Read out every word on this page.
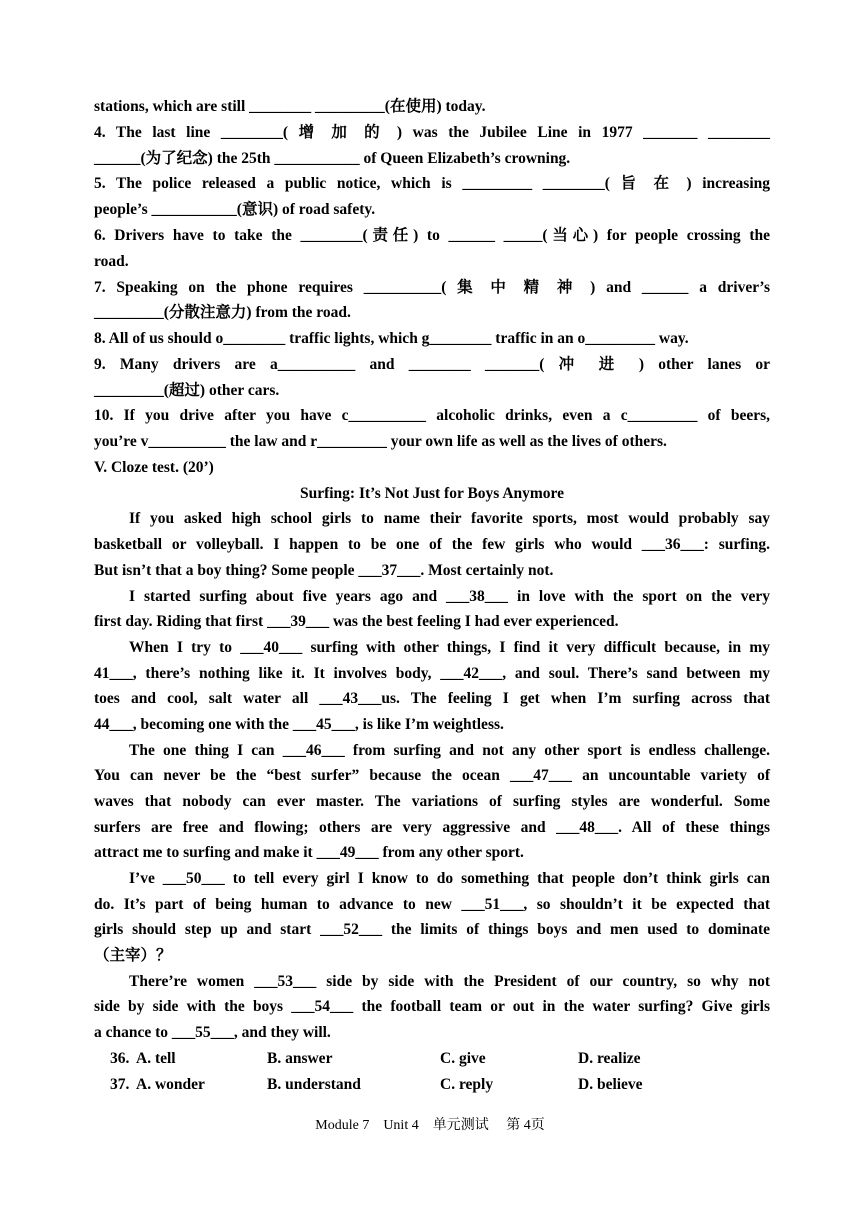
stations, which are still ________ _________(在使用) today.
4. The last line ________( 增 加 的 ) was the Jubilee Line in 1977 _______ ________
______(为了纪念) the 25th ___________ of Queen Elizabeth’s crowning.
5. The police released a public notice, which is _________ ________( 旨 在 ) increasing
people’s ___________(意识) of road safety.
6. Drivers have to take the ________(责任) to ______ _____(当心) for people crossing the
road.
7. Speaking on the phone requires __________( 集 中 精 神 ) and ______ a driver’s
_________(分散注意力) from the road.
8. All of us should o________ traffic lights, which g________ traffic in an o_________ way.
9. Many drivers are a__________ and ________ _______( 冲 进 ) other lanes or
_________(超过) other cars.
10. If you drive after you have c__________ alcoholic drinks, even a c_________ of beers,
you’re v__________ the law and r_________ your own life as well as the lives of others.
V. Cloze test. (20’)
Surfing: It’s Not Just for Boys Anymore
If you asked high school girls to name their favorite sports, most would probably say
basketball or volleyball. I happen to be one of the few girls who would ___36___: surfing.
But isn’t that a boy thing? Some people ___37___. Most certainly not.
I started surfing about five years ago and ___38___ in love with the sport on the very
first day. Riding that first ___39___ was the best feeling I had ever experienced.
When I try to ___40___ surfing with other things, I find it very difficult because, in my
41___, there’s nothing like it. It involves body, ___42___, and soul. There’s sand between my
toes and cool, salt water all ___43___us. The feeling I get when I’m surfing across that
44___, becoming one with the ___45___, is like I’m weightless.
The one thing I can ___46___ from surfing and not any other sport is endless challenge.
You can never be the “best surfer” because the ocean ___47___ an uncountable variety of
waves that nobody can ever master. The variations of surfing styles are wonderful. Some
surfers are free and flowing; others are very aggressive and ___48___. All of these things
attract me to surfing and make it ___49___ from any other sport.
I’ve ___50___ to tell every girl I know to do something that people don’t think girls can
do. It’s part of being human to advance to new ___51___, so shouldn’t it be expected that
girls should step up and start ___52___ the limits of things boys and men used to dominate
（主宰）？
There’re women ___53___ side by side with the President of our country, so why not
side by side with the boys ___54___ the football team or out in the water surfing? Give girls
a chance to ___55___, and they will.
36. A. tell	B. answer	C. give	D. realize
37. A. wonder	B. understand	C. reply	D. believe
Module 7　Unit 4　单元测试　 第 4页
